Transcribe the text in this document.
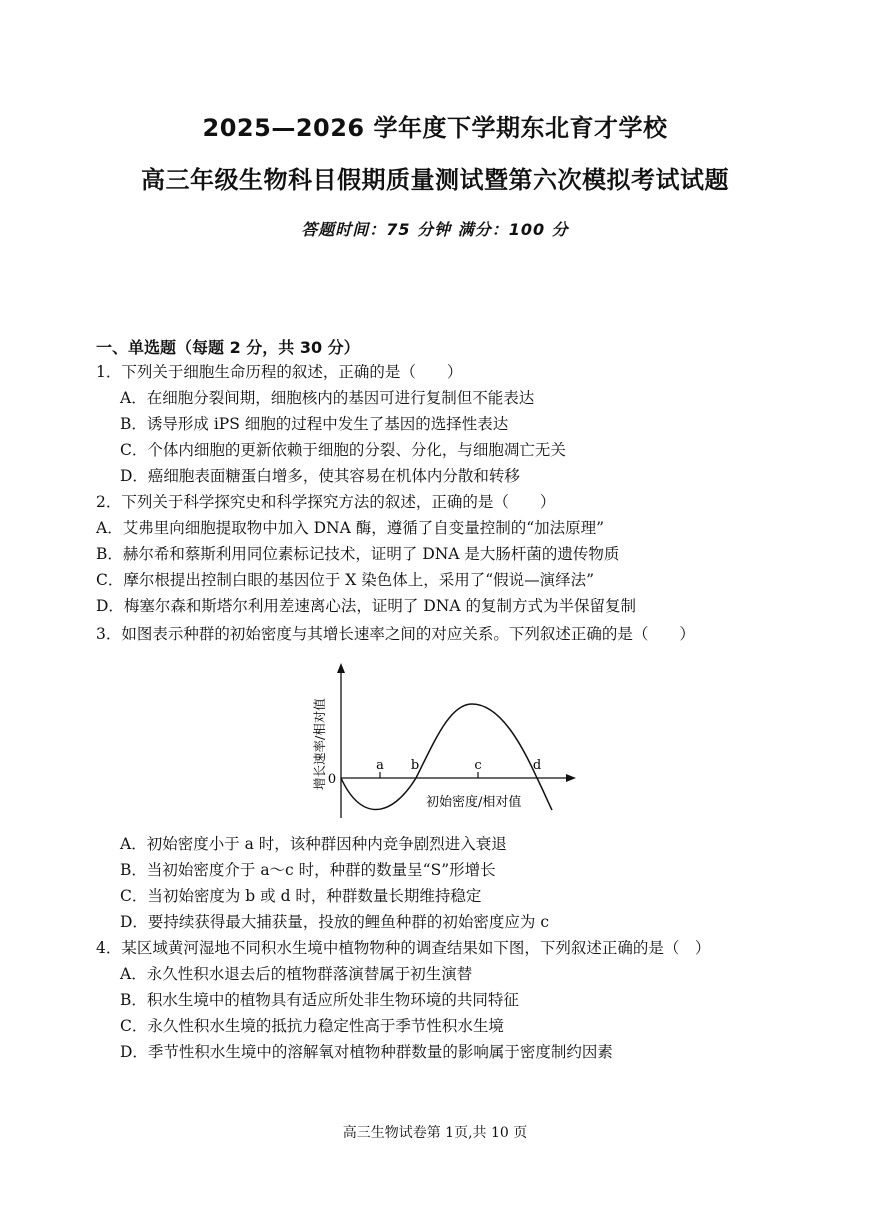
2025—2026 学年度下学期东北育才学校
高三年级生物科目假期质量测试暨第六次模拟考试试题
答题时间：75 分钟 满分：100 分
一、单选题（每题 2 分，共 30 分）
1．下列关于细胞生命历程的叙述，正确的是（　　）
A．在细胞分裂间期，细胞核内的基因可进行复制但不能表达
B．诱导形成 iPS 细胞的过程中发生了基因的选择性表达
C．个体内细胞的更新依赖于细胞的分裂、分化，与细胞凋亡无关
D．癌细胞表面糖蛋白增多，使其容易在机体内分散和转移
2．下列关于科学探究史和科学探究方法的叙述，正确的是（　　）
A．艾弗里向细胞提取物中加入 DNA 酶，遵循了自变量控制的“加法原理”
B．赫尔希和蔡斯利用同位素标记技术，证明了 DNA 是大肠杆菌的遗传物质
C．摩尔根提出控制白眼的基因位于 X 染色体上，采用了“假说—演绎法”
D．梅塞尔森和斯塔尔利用差速离心法，证明了 DNA 的复制方式为半保留复制
3．如图表示种群的初始密度与其增长速率之间的对应关系。下列叙述正确的是（　　）
a b	c	d
0
初始密度/相对值
增长速率/相对值
A．初始密度小于 a 时，该种群因种内竞争剧烈进入衰退
B．当初始密度介于 a～c 时，种群的数量呈“S”形增长
C．当初始密度为 b 或 d 时，种群数量长期维持稳定
D．要持续获得最大捕获量，投放的鲤鱼种群的初始密度应为 c
4．某区域黄河湿地不同积水生境中植物物种的调查结果如下图，下列叙述正确的是（　）
A．永久性积水退去后的植物群落演替属于初生演替
B．积水生境中的植物具有适应所处非生物环境的共同特征
C．永久性积水生境的抵抗力稳定性高于季节性积水生境
D．季节性积水生境中的溶解氧对植物种群数量的影响属于密度制约因素
高三生物试卷第 1页,共 10 页
